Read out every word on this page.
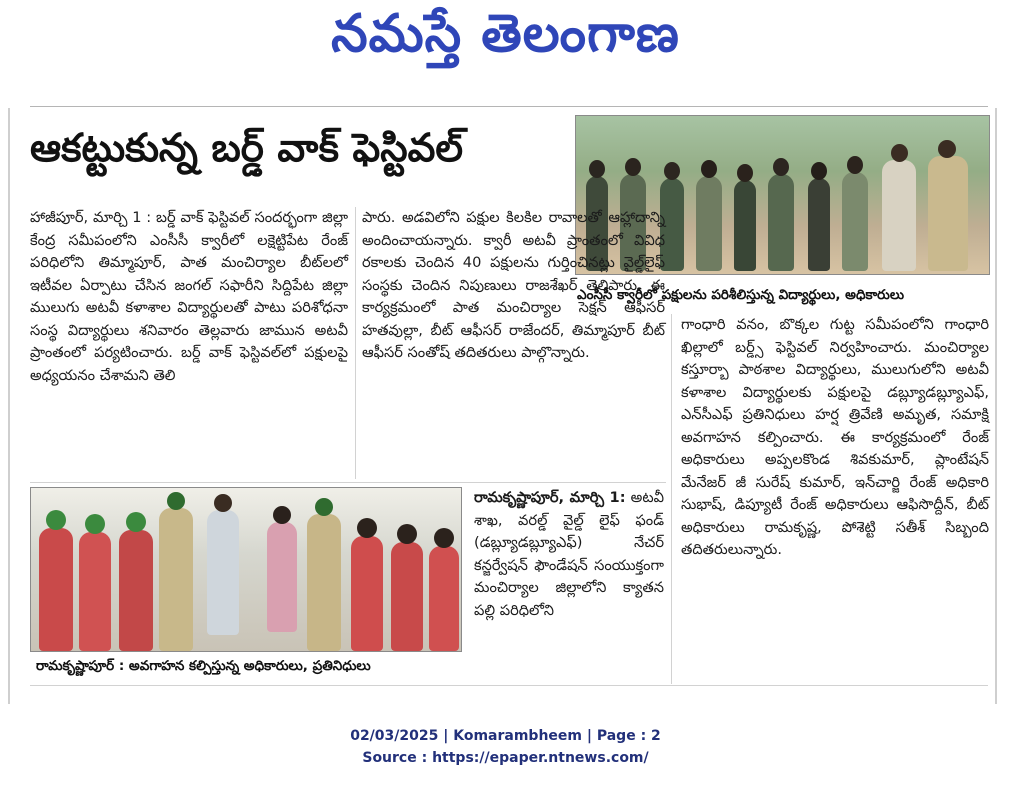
నమస్తే తెలంగాణ
ఆకట్టుకున్న బర్డ్ వాక్ ఫెస్టివల్
ఎంసీసీ క్వారీలో పక్షులను పరిశీలిస్తున్న విద్యార్థులు, అధికారులు
హాజీపూర్, మార్చి 1 : బర్డ్ వాక్ ఫెస్టివల్ సందర్భంగా జిల్లా కేంద్ర సమీపంలోని ఎంసీసీ క్వారీలో లక్షెట్టిపేట రేంజ్ పరిధిలోని తిమ్మాపూర్, పాత మంచిర్యాల బీట్‌లలో ఇటీవల ఏర్పాటు చేసిన జంగల్ సఫారీని సిద్దిపేట జిల్లా ములుగు అటవీ కళాశాల విద్యార్థులతో పాటు పరిశోధనా సంస్థ విద్యార్థులు శనివారం తెల్లవారు జామున అటవీ ప్రాంతంలో పర్యటించారు. బర్డ్ వాక్ ఫెస్టివల్‌లో పక్షులపై అధ్యయనం చేశామని తెలి
పారు. అడవిలోని పక్షుల కిలకిల రావాలతో ఆహ్లాదాన్ని అందించాయన్నారు. క్వారీ అటవీ ప్రాంతంలో వివిధ రకాలకు చెందిన 40 పక్షులను గుర్తించినట్లు వైల్డ్‌లైఫ్ సంస్థకు చెందిన నిపుణులు రాజశేఖర్ తెలిపారు. ఈ కార్యక్రమంలో పాత మంచిర్యాల సెక్షన్ ఆఫీసర్ హతవుల్లా, బీట్ ఆఫీసర్ రాజేందర్, తిమ్మాపూర్ బీట్ ఆఫీసర్ సంతోష్ తదితరులు పాల్గొన్నారు.
గాంధారి వనం, బొక్కల గుట్ట సమీపంలోని గాంధారి ఖిల్లాలో బర్డ్స్ ఫెస్టివల్ నిర్వహించారు. మంచిర్యాల కస్తూర్బా పాఠశాల విద్యార్థులు, ములుగులోని అటవీ కళాశాల విద్యార్థులకు పక్షులపై డబ్ల్యూడబ్ల్యూఎఫ్, ఎన్‌సీఎఫ్ ప్రతినిధులు హర్ష త్రివేణి అమృత, సమాక్షి అవగాహన కల్పించారు. ఈ కార్యక్రమంలో రేంజ్ అధికారులు అప్పలకొండ శివకుమార్, ప్లాంటేషన్ మేనేజర్ జీ సురేష్ కుమార్, ఇన్‌చార్జి రేంజ్ అధికారి సుభాష్, డిప్యూటీ రేంజ్ అధికారులు ఆఫిసొద్దీన్, బీట్ అధికారులు రామకృష్ణ, పోశెట్టి సతీశ్ సిబ్బంది తదితరులున్నారు.
రామకృష్ణాపూర్, మార్చి 1: అటవీ శాఖ, వరల్డ్ వైల్డ్ లైఫ్ ఫండ్ (డబ్ల్యూడబ్ల్యూఎఫ్) నేచర్ కన్జర్వేషన్ ఫౌండేషన్ సంయుక్తంగా మంచిర్యాల జిల్లాలోని క్యాతన పల్లి పరిధిలోని
రామకృష్ణాపూర్ : అవగాహన కల్పిస్తున్న అధికారులు, ప్రతినిధులు
02/03/2025 | Komarambheem | Page : 2
Source : https://epaper.ntnews.com/
